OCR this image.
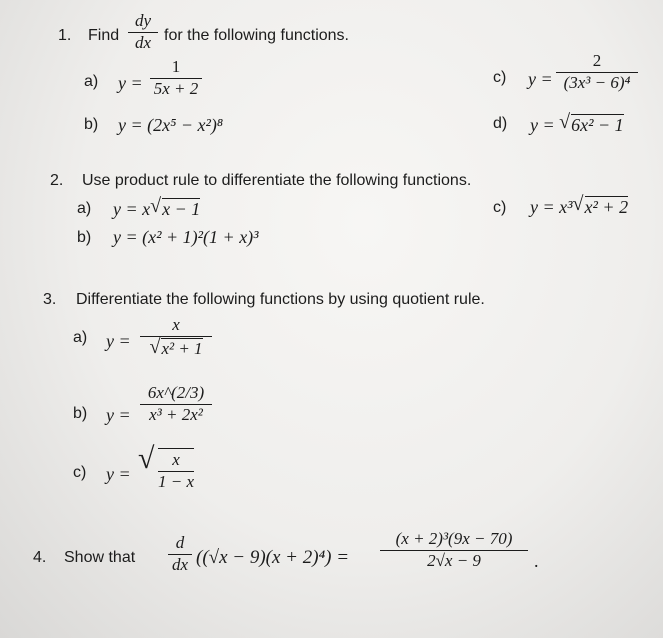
1. Find
dy
dx for the following functions.
a) y =
1
5x + 2
b) y = (2x⁵ − x²)⁸
c) y =
2
(3x³ − 6)⁴
d) y = √ 6x² − 1
2. Use product rule to differentiate the following functions.
a) y = x √ x − 1
b) y = (x² + 1)²(1 + x)³
c) y = x³ √ x² + 2
3. Differentiate the following functions by using quotient rule.
a) y =
x
√ x² + 1
b) y =
6x^(2/3)
x³ + 2x²
c) y = √	x
1 − x
4. Show that
d
dx ((√x − 9)(x + 2)⁴) =
(x + 2)³(9x − 70)
2√x − 9	.
